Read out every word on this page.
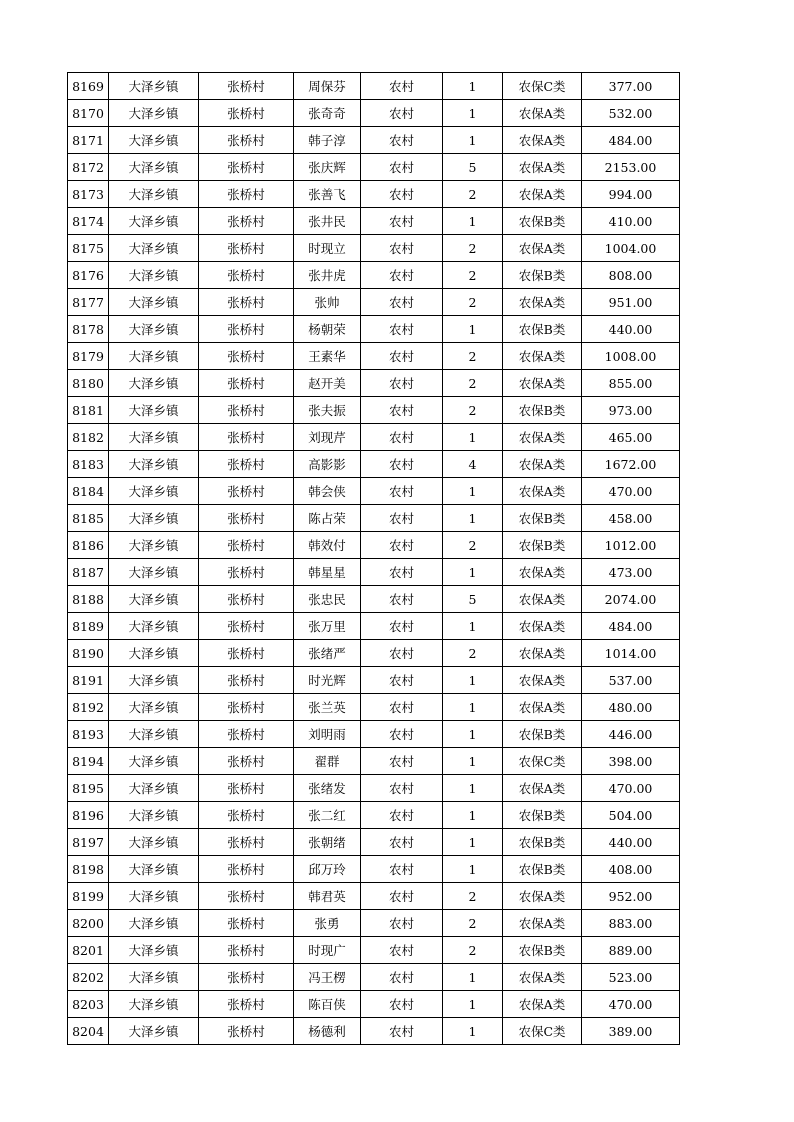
8169	大泽乡镇	张桥村	周保芬	农村	1	农保C类	377.00
8170	大泽乡镇	张桥村	张奇奇	农村	1	农保A类	532.00
8171	大泽乡镇	张桥村	韩子淳	农村	1	农保A类	484.00
8172	大泽乡镇	张桥村	张庆辉	农村	5	农保A类	2153.00
8173	大泽乡镇	张桥村	张善飞	农村	2	农保A类	994.00
8174	大泽乡镇	张桥村	张井民	农村	1	农保B类	410.00
8175	大泽乡镇	张桥村	时现立	农村	2	农保A类	1004.00
8176	大泽乡镇	张桥村	张井虎	农村	2	农保B类	808.00
8177	大泽乡镇	张桥村	张帅	农村	2	农保A类	951.00
8178	大泽乡镇	张桥村	杨朝荣	农村	1	农保B类	440.00
8179	大泽乡镇	张桥村	王素华	农村	2	农保A类	1008.00
8180	大泽乡镇	张桥村	赵开美	农村	2	农保A类	855.00
8181	大泽乡镇	张桥村	张夫振	农村	2	农保B类	973.00
8182	大泽乡镇	张桥村	刘现芹	农村	1	农保A类	465.00
8183	大泽乡镇	张桥村	高影影	农村	4	农保A类	1672.00
8184	大泽乡镇	张桥村	韩会侠	农村	1	农保A类	470.00
8185	大泽乡镇	张桥村	陈占荣	农村	1	农保B类	458.00
8186	大泽乡镇	张桥村	韩效付	农村	2	农保B类	1012.00
8187	大泽乡镇	张桥村	韩星星	农村	1	农保A类	473.00
8188	大泽乡镇	张桥村	张忠民	农村	5	农保A类	2074.00
8189	大泽乡镇	张桥村	张万里	农村	1	农保A类	484.00
8190	大泽乡镇	张桥村	张绪严	农村	2	农保A类	1014.00
8191	大泽乡镇	张桥村	时光辉	农村	1	农保A类	537.00
8192	大泽乡镇	张桥村	张兰英	农村	1	农保A类	480.00
8193	大泽乡镇	张桥村	刘明雨	农村	1	农保B类	446.00
8194	大泽乡镇	张桥村	翟群	农村	1	农保C类	398.00
8195	大泽乡镇	张桥村	张绪发	农村	1	农保A类	470.00
8196	大泽乡镇	张桥村	张二红	农村	1	农保B类	504.00
8197	大泽乡镇	张桥村	张朝绪	农村	1	农保B类	440.00
8198	大泽乡镇	张桥村	邱万玲	农村	1	农保B类	408.00
8199	大泽乡镇	张桥村	韩君英	农村	2	农保A类	952.00
8200	大泽乡镇	张桥村	张勇	农村	2	农保A类	883.00
8201	大泽乡镇	张桥村	时现广	农村	2	农保B类	889.00
8202	大泽乡镇	张桥村	冯王楞	农村	1	农保A类	523.00
8203	大泽乡镇	张桥村	陈百侠	农村	1	农保A类	470.00
8204	大泽乡镇	张桥村	杨德利	农村	1	农保C类	389.00
